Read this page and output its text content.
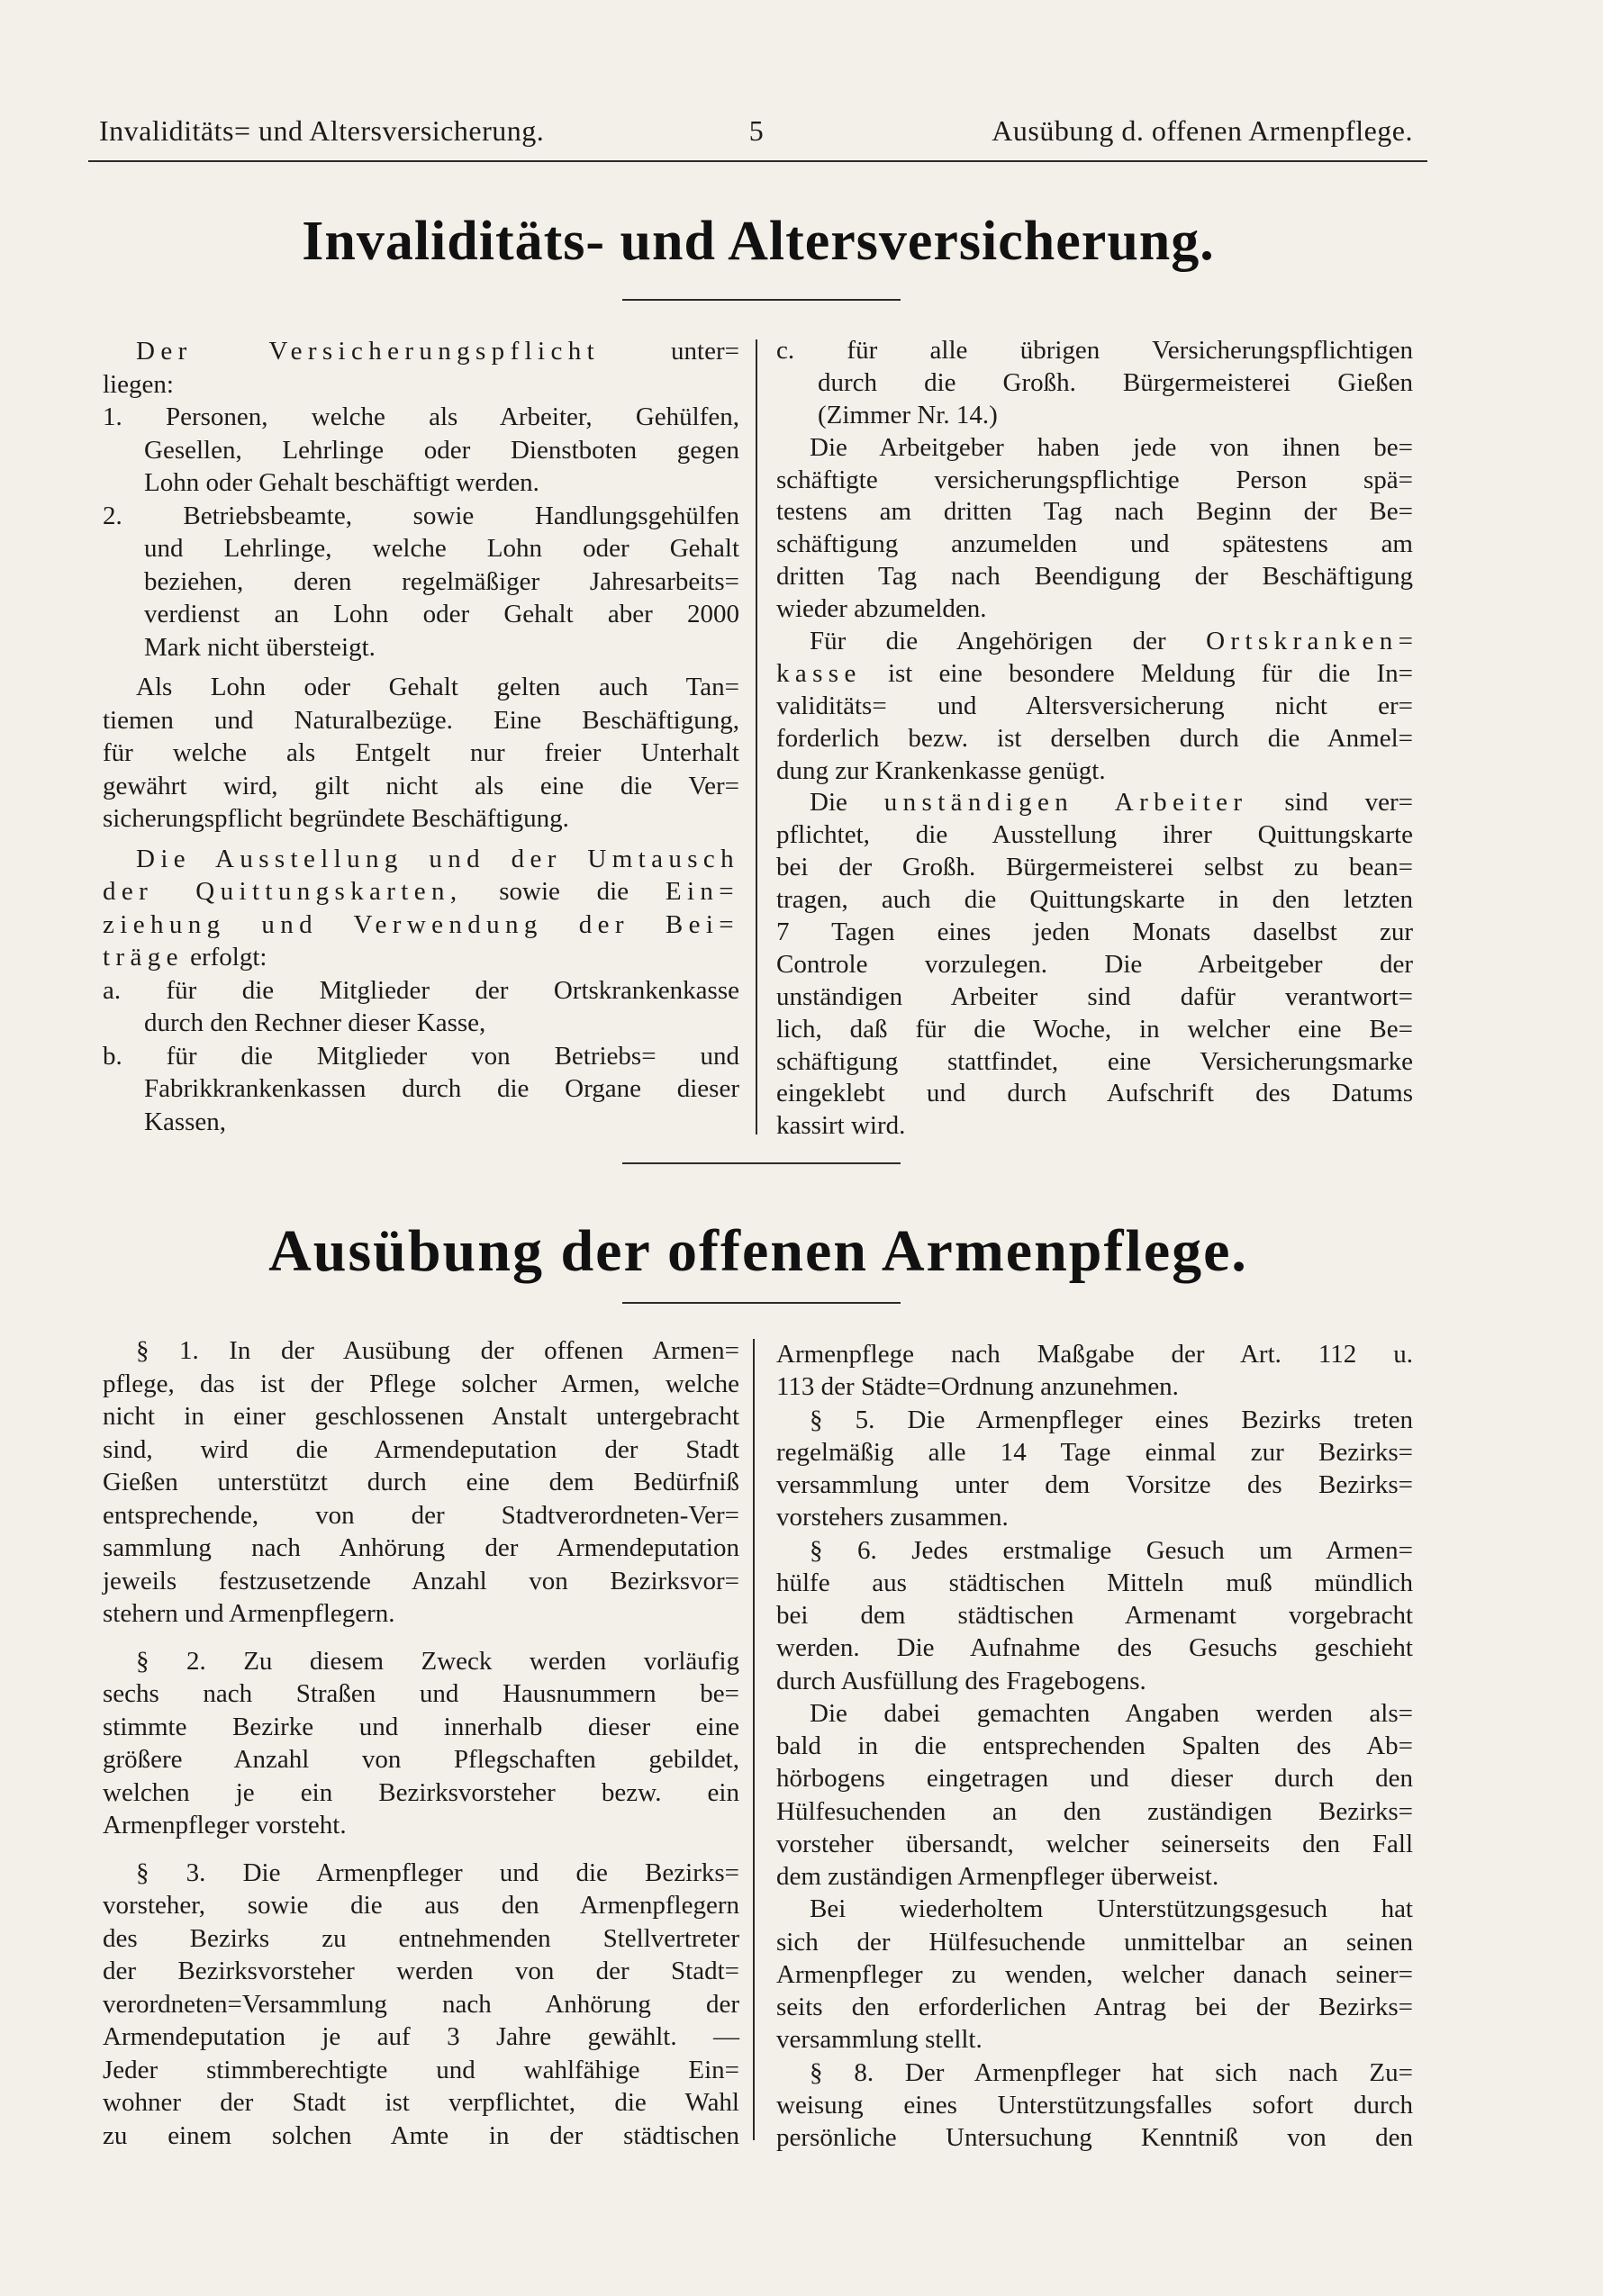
Invaliditäts= und Altersversicherung.	5	Ausübung d. offenen Armenpflege.
Invaliditäts- und Altersversicherung.
Der Versicherungspflicht unter=
liegen:
1. Personen, welche als Arbeiter, Gehülfen,
Gesellen, Lehrlinge oder Dienstboten gegen
Lohn oder Gehalt beschäftigt werden.
2. Betriebsbeamte, sowie Handlungsgehülfen
und Lehrlinge, welche Lohn oder Gehalt
beziehen, deren regelmäßiger Jahresarbeits=
verdienst an Lohn oder Gehalt aber 2000
Mark nicht übersteigt.
Als Lohn oder Gehalt gelten auch Tan=
tiemen und Naturalbezüge. Eine Beschäftigung,
für welche als Entgelt nur freier Unterhalt
gewährt wird, gilt nicht als eine die Ver=
sicherungspflicht begründete Beschäftigung.
Die Ausstellung und der Umtausch
der Quittungskarten, sowie die Ein=
ziehung und Verwendung der Bei=
träge erfolgt:
a. für die Mitglieder der Ortskrankenkasse
durch den Rechner dieser Kasse,
b. für die Mitglieder von Betriebs= und
Fabrikkrankenkassen durch die Organe dieser
Kassen,
c. für alle übrigen Versicherungspflichtigen
durch die Großh. Bürgermeisterei Gießen
(Zimmer Nr. 14.)
Die Arbeitgeber haben jede von ihnen be=
schäftigte versicherungspflichtige Person spä=
testens am dritten Tag nach Beginn der Be=
schäftigung anzumelden und spätestens am
dritten Tag nach Beendigung der Beschäftigung
wieder abzumelden.
Für die Angehörigen der Ortskranken=
kasse ist eine besondere Meldung für die In=
validitäts= und Altersversicherung nicht er=
forderlich bezw. ist derselben durch die Anmel=
dung zur Krankenkasse genügt.
Die unständigen Arbeiter sind ver=
pflichtet, die Ausstellung ihrer Quittungskarte
bei der Großh. Bürgermeisterei selbst zu bean=
tragen, auch die Quittungskarte in den letzten
7 Tagen eines jeden Monats daselbst zur
Controle vorzulegen. Die Arbeitgeber der
unständigen Arbeiter sind dafür verantwort=
lich, daß für die Woche, in welcher eine Be=
schäftigung stattfindet, eine Versicherungsmarke
eingeklebt und durch Aufschrift des Datums
kassirt wird.
Ausübung der offenen Armenpflege.
§ 1. In der Ausübung der offenen Armen=
pflege, das ist der Pflege solcher Armen, welche
nicht in einer geschlossenen Anstalt untergebracht
sind, wird die Armendeputation der Stadt
Gießen unterstützt durch eine dem Bedürfniß
entsprechende, von der Stadtverordneten-Ver=
sammlung nach Anhörung der Armendeputation
jeweils festzusetzende Anzahl von Bezirksvor=
stehern und Armenpflegern.
§ 2. Zu diesem Zweck werden vorläufig
sechs nach Straßen und Hausnummern be=
stimmte Bezirke und innerhalb dieser eine
größere Anzahl von Pflegschaften gebildet,
welchen je ein Bezirksvorsteher bezw. ein
Armenpfleger vorsteht.
§ 3. Die Armenpfleger und die Bezirks=
vorsteher, sowie die aus den Armenpflegern
des Bezirks zu entnehmenden Stellvertreter
der Bezirksvorsteher werden von der Stadt=
verordneten=Versammlung nach Anhörung der
Armendeputation je auf 3 Jahre gewählt. —
Jeder stimmberechtigte und wahlfähige Ein=
wohner der Stadt ist verpflichtet, die Wahl
zu einem solchen Amte in der städtischen
Armenpflege nach Maßgabe der Art. 112 u.
113 der Städte=Ordnung anzunehmen.
§ 5. Die Armenpfleger eines Bezirks treten
regelmäßig alle 14 Tage einmal zur Bezirks=
versammlung unter dem Vorsitze des Bezirks=
vorstehers zusammen.
§ 6. Jedes erstmalige Gesuch um Armen=
hülfe aus städtischen Mitteln muß mündlich
bei dem städtischen Armenamt vorgebracht
werden. Die Aufnahme des Gesuchs geschieht
durch Ausfüllung des Fragebogens.
Die dabei gemachten Angaben werden als=
bald in die entsprechenden Spalten des Ab=
hörbogens eingetragen und dieser durch den
Hülfesuchenden an den zuständigen Bezirks=
vorsteher übersandt, welcher seinerseits den Fall
dem zuständigen Armenpfleger überweist.
Bei wiederholtem Unterstützungsgesuch hat
sich der Hülfesuchende unmittelbar an seinen
Armenpfleger zu wenden, welcher danach seiner=
seits den erforderlichen Antrag bei der Bezirks=
versammlung stellt.
§ 8. Der Armenpfleger hat sich nach Zu=
weisung eines Unterstützungsfalles sofort durch
persönliche Untersuchung Kenntniß von den
